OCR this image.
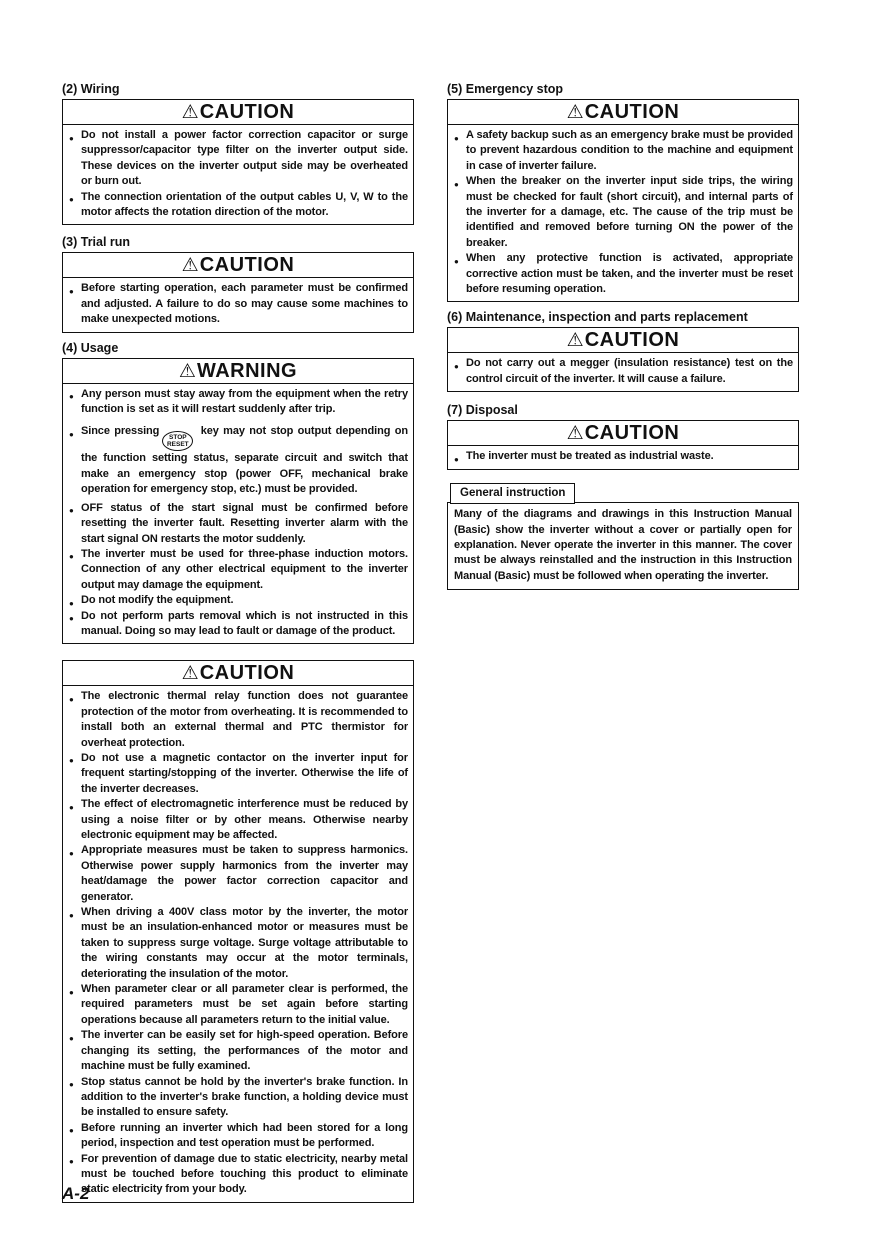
(2) Wiring
⚠CAUTION
● Do not install a power factor correction capacitor or surge suppressor/capacitor type filter on the inverter output side. These devices on the inverter output side may be overheated or burn out.
● The connection orientation of the output cables U, V, W to the motor affects the rotation direction of the motor.
(3) Trial run
⚠CAUTION
● Before starting operation, each parameter must be confirmed and adjusted. A failure to do so may cause some machines to make unexpected motions.
(4) Usage
⚠WARNING
● Any person must stay away from the equipment when the retry function is set as it will restart suddenly after trip.
● Since pressing
STOP
RESET
key may not stop output depending on the function setting status, separate circuit and switch that make an emergency stop (power OFF, mechanical brake operation for emergency stop, etc.) must be provided.
● OFF status of the start signal must be confirmed before resetting the inverter fault. Resetting inverter alarm with the start signal ON restarts the motor suddenly.
● The inverter must be used for three-phase induction motors. Connection of any other electrical equipment to the inverter output may damage the equipment.
● Do not modify the equipment.
● Do not perform parts removal which is not instructed in this manual. Doing so may lead to fault or damage of the product.
⚠CAUTION
● The electronic thermal relay function does not guarantee protection of the motor from overheating. It is recommended to install both an external thermal and PTC thermistor for overheat protection.
● Do not use a magnetic contactor on the inverter input for frequent starting/stopping of the inverter. Otherwise the life of the inverter decreases.
● The effect of electromagnetic interference must be reduced by using a noise filter or by other means. Otherwise nearby electronic equipment may be affected.
● Appropriate measures must be taken to suppress harmonics. Otherwise power supply harmonics from the inverter may heat/damage the power factor correction capacitor and generator.
● When driving a 400V class motor by the inverter, the motor must be an insulation-enhanced motor or measures must be taken to suppress surge voltage. Surge voltage attributable to the wiring constants may occur at the motor terminals, deteriorating the insulation of the motor.
● When parameter clear or all parameter clear is performed, the required parameters must be set again before starting operations because all parameters return to the initial value.
● The inverter can be easily set for high-speed operation. Before changing its setting, the performances of the motor and machine must be fully examined.
● Stop status cannot be hold by the inverter's brake function. In addition to the inverter's brake function, a holding device must be installed to ensure safety.
● Before running an inverter which had been stored for a long period, inspection and test operation must be performed.
● For prevention of damage due to static electricity, nearby metal must be touched before touching this product to eliminate static electricity from your body.
(5) Emergency stop
⚠CAUTION
● A safety backup such as an emergency brake must be provided to prevent hazardous condition to the machine and equipment in case of inverter failure.
● When the breaker on the inverter input side trips, the wiring must be checked for fault (short circuit), and internal parts of the inverter for a damage, etc. The cause of the trip must be identified and removed before turning ON the power of the breaker.
● When any protective function is activated, appropriate corrective action must be taken, and the inverter must be reset before resuming operation.
(6) Maintenance, inspection and parts replacement
⚠CAUTION
● Do not carry out a megger (insulation resistance) test on the control circuit of the inverter. It will cause a failure.
(7) Disposal
⚠CAUTION
● The inverter must be treated as industrial waste.
General instruction
Many of the diagrams and drawings in this Instruction Manual (Basic) show the inverter without a cover or partially open for explanation. Never operate the inverter in this manner. The cover must be always reinstalled and the instruction in this Instruction Manual (Basic) must be followed when operating the inverter.
A-2
